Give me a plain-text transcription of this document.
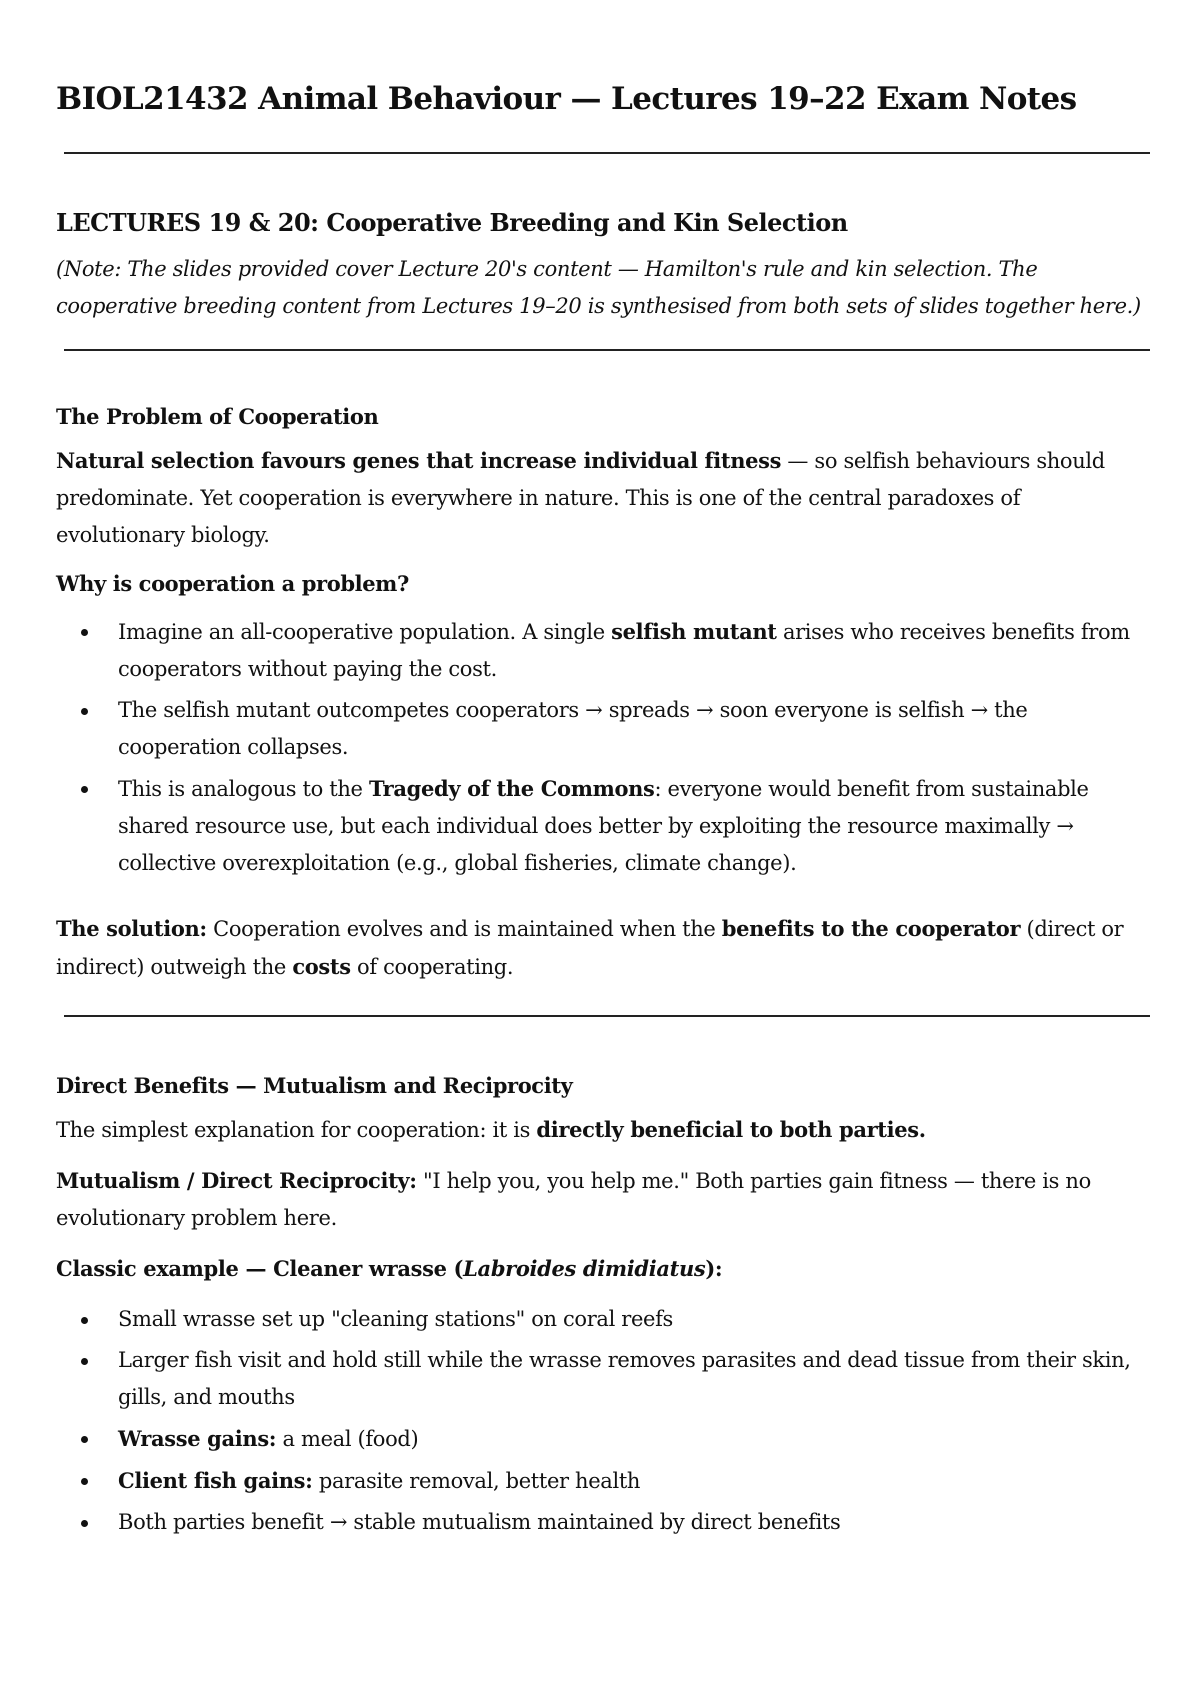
BIOL21432 Animal Behaviour — Lectures 19–22 Exam Notes
LECTURES 19 & 20: Cooperative Breeding and Kin Selection

(Note: The slides provided cover Lecture 20's content — Hamilton's rule and kin selection. The cooperative breeding content from Lectures 19–20 is synthesised from both sets of slides together here.)

The Problem of Cooperation

Natural selection favours genes that increase individual fitness — so selfish behaviours should predominate. Yet cooperation is everywhere in nature. This is one of the central paradoxes of evolutionary biology.

Why is cooperation a problem?
Imagine an all-cooperative population. A single selfish mutant arises who receives benefits from cooperators without paying the cost.
The selfish mutant outcompetes cooperators → spreads → soon everyone is selfish → the cooperation collapses.
This is analogous to the Tragedy of the Commons: everyone would benefit from sustainable shared resource use, but each individual does better by exploiting the resource maximally → collective overexploitation (e.g., global fisheries, climate change).

The solution: Cooperation evolves and is maintained when the benefits to the cooperator (direct or indirect) outweigh the costs of cooperating.

Direct Benefits — Mutualism and Reciprocity

The simplest explanation for cooperation: it is directly beneficial to both parties.

Mutualism / Direct Reciprocity: "I help you, you help me." Both parties gain fitness — there is no evolutionary problem here.

Classic example — Cleaner wrasse (Labroides dimidiatus):

Small wrasse set up "cleaning stations" on coral reefs
Larger fish visit and hold still while the wrasse removes parasites and dead tissue from their skin, gills, and mouths
Wrasse gains: a meal (food)
Client fish gains: parasite removal, better health
Both parties benefit → stable mutualism maintained by direct benefits
